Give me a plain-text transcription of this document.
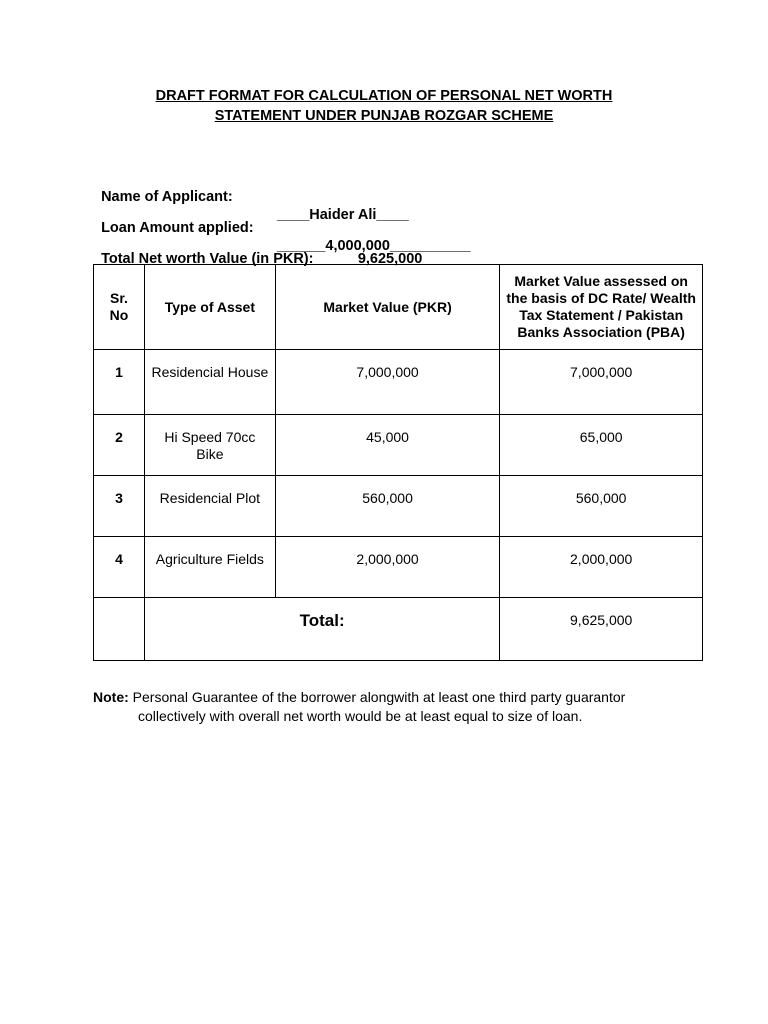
DRAFT FORMAT FOR CALCULATION OF PERSONAL NET WORTH
STATEMENT UNDER PUNJAB ROZGAR SCHEME

Name of Applicant:

____Haider Ali____

Loan Amount applied:

______4,000,000__________

Total Net worth Value (in PKR): _____9,625,000_______

Sr. No	Type of Asset	Market Value (PKR)	Market Value assessed on the basis of DC Rate/ Wealth Tax Statement / Pakistan Banks Association (PBA)
1	Residencial House	7,000,000	7,000,000
2	Hi Speed 70cc Bike	45,000	65,000
3	Residencial Plot	560,000	560,000
4	Agriculture Fields	2,000,000	2,000,000
	Total:		9,625,000
Note: Personal Guarantee of the borrower alongwith at least one third party guarantor
collectively with overall net worth would be at least equal to size of loan.
